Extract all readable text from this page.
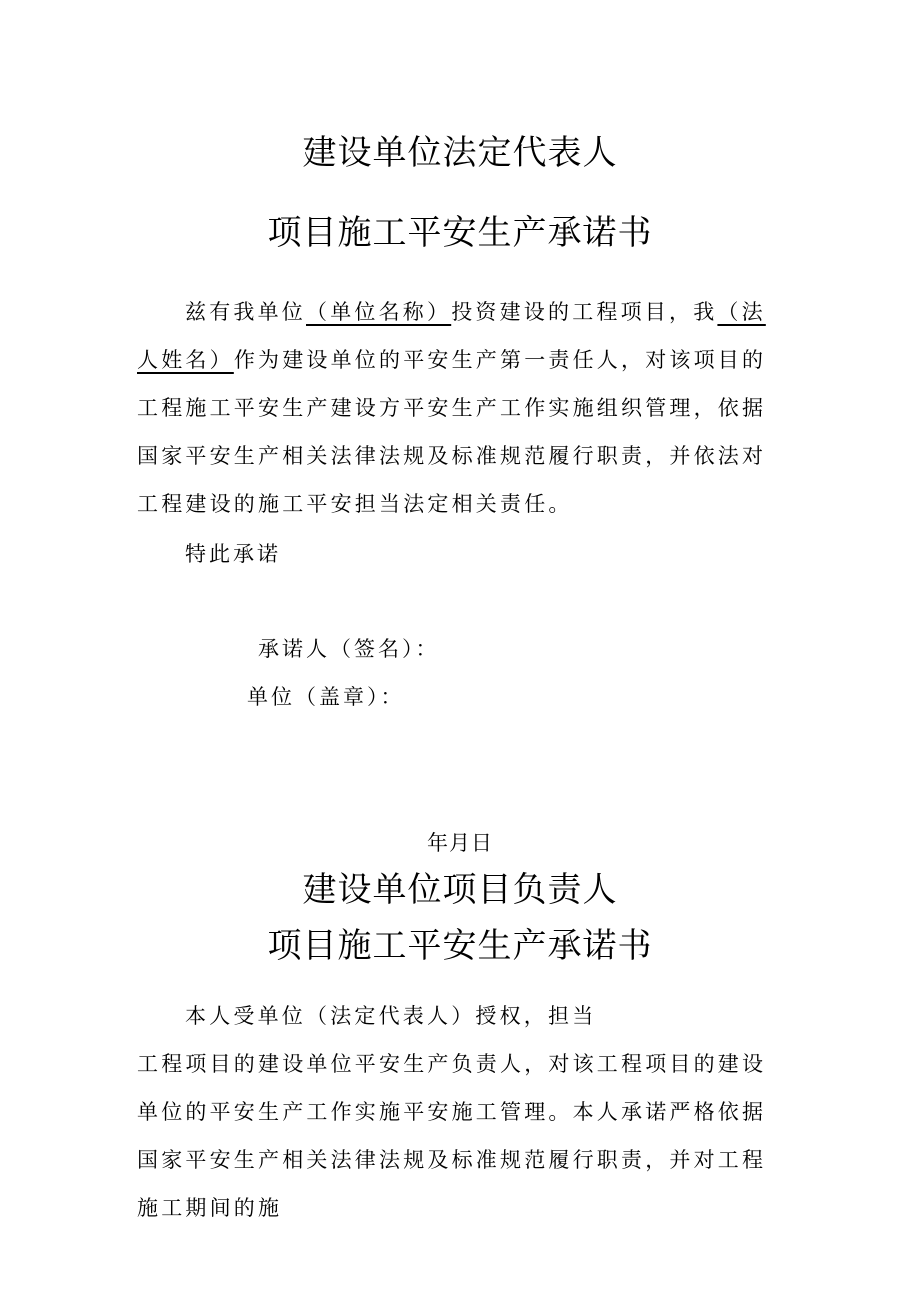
建设单位法定代表人
项目施工平安生产承诺书

兹有我单位（单位名称）投资建设的工程项目，我（法人姓名）作为建设单位的平安生产第一责任人，对该项目的工程施工平安生产建设方平安生产工作实施组织管理，依据国家平安生产相关法律法规及标准规范履行职责，并依法对工程建设的施工平安担当法定相关责任。

特此承诺
承诺人（签名）：
单位（盖章）：
年月日
建设单位项目负责人
项目施工平安生产承诺书

本人受单位（法定代表人）授权，担当
工程项目的建设单位平安生产负责人，对该工程项目的建设单位的平安生产工作实施平安施工管理。本人承诺严格依据国家平安生产相关法律法规及标准规范履行职责，并对工程施工期间的施
